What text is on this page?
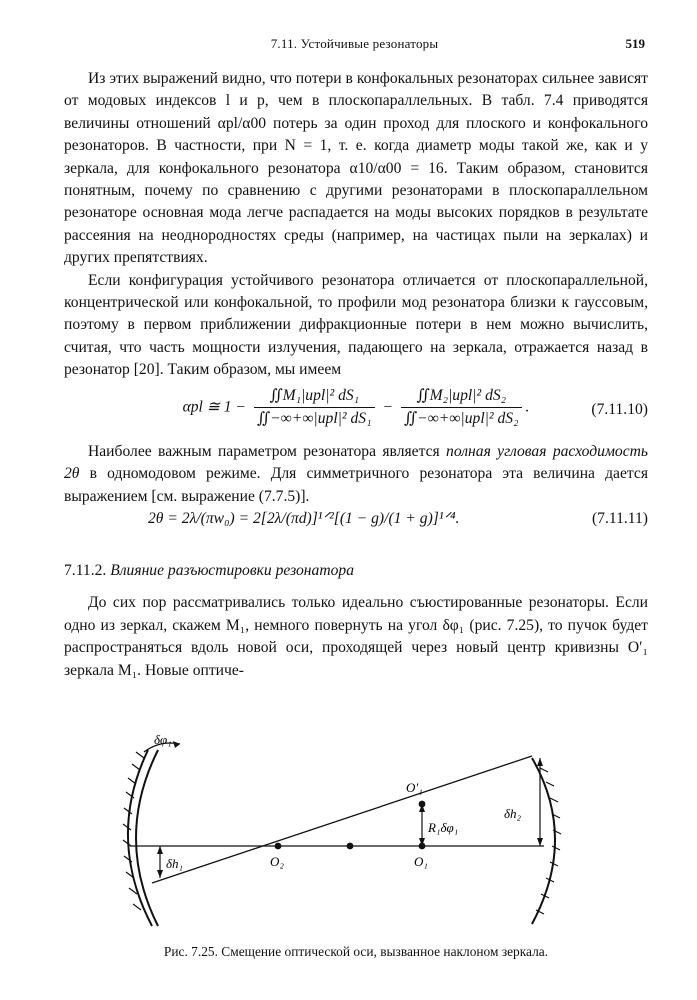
7.11. Устойчивые резонаторы	519

Из этих выражений видно, что потери в конфокальных резонаторах сильнее зависят от модовых индексов l и p, чем в плоскопараллельных. В табл. 7.4 приводятся величины отношений αpl/α00 потерь за один проход для плоского и конфокального резонаторов. В частности, при N = 1, т. е. когда диаметр моды такой же, как и у зеркала, для конфокального резонатора α10/α00 = 16. Таким образом, становится понятным, почему по сравнению с другими резонаторами в плоскопараллельном резонаторе основная мода легче распадается на моды высоких порядков в результате рассеяния на неоднородностях среды (например, на частицах пыли на зеркалах) и других препятствиях.

Если конфигурация устойчивого резонатора отличается от плоскопараллельной, концентрической или конфокальной, то профили мод резонатора близки к гауссовым, поэтому в первом приближении дифракционные потери в нем можно вычислить, считая, что часть мощности излучения, падающего на зеркала, отражается назад в резонатор [20]. Таким образом, мы имеем

αpl ≅ $1 - \frac{\text{∬M₁|upl|² dS₁}}{\text{∬−∞+∞|upl|² dS₁}} - \frac{\text{∬M₂|upl|² dS₂}}{\text{∬−∞+∞|upl|² dS₂}}$ .	(7.11.10)

Наиболее важным параметром резонатора является полная угловая расходимость 2θ в одномодовом режиме. Для симметричного резонатора эта величина дается выражением [см. выражение (7.7.5)].

2θ = 2λ/(πw₀) = 2[2λ/(πd)]¹ᐟ²[(1 − g)/(1 + g)]¹ᐟ⁴.	(7.11.11)
7.11.2. Влияние разъюстировки резонатора

До сих пор рассматривались только идеально съюстированные резонаторы. Если одно из зеркал, скажем M₁, немного повернуть на угол δφ₁ (рис. 7.25), то пучок будет распространяться вдоль новой оси, проходящей через новый центр кривизны O′₁ зеркала M₁. Новые оптиче-

δφ₁
O′₁
R₁δφ₁
δh₁	O₂	O₁
δh₂
Рис. 7.25. Смещение оптической оси, вызванное наклоном зеркала.
